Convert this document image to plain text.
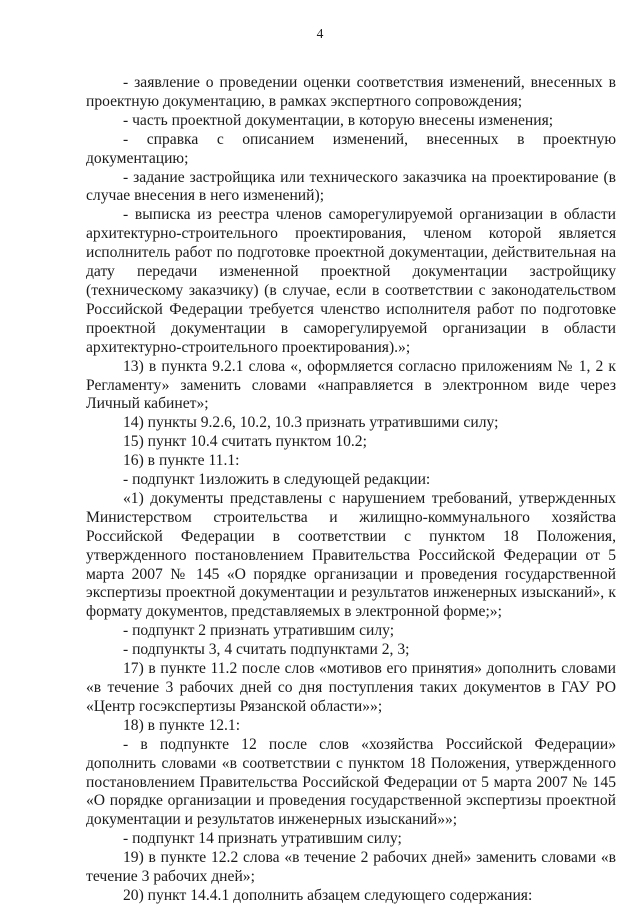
4

- заявление о проведении оценки соответствия изменений, внесенных в проектную документацию, в рамках экспертного сопровождения;

- часть проектной документации, в которую внесены изменения;

- справка с описанием изменений, внесенных в проектную документацию;

- задание застройщика или технического заказчика на проектирование (в случае внесения в него изменений);

- выписка из реестра членов саморегулируемой организации в области архитектурно-строительного проектирования, членом которой является исполнитель работ по подготовке проектной документации, действительная на дату передачи измененной проектной документации застройщику (техническому заказчику) (в случае, если в соответствии с законодательством Российской Федерации требуется членство исполнителя работ по подготовке проектной документации в саморегулируемой организации в области архитектурно-строительного проектирования).»;

13) в пункта 9.2.1 слова «, оформляется согласно приложениям № 1, 2 к Регламенту» заменить словами «направляется в электронном виде через Личный кабинет»;

14) пункты 9.2.6, 10.2, 10.3 признать утратившими силу;

15) пункт 10.4 считать пунктом 10.2;

16) в пункте 11.1:

- подпункт 1изложить в следующей редакции:

«1) документы представлены с нарушением требований, утвержденных Министерством строительства и жилищно-коммунального хозяйства Российской Федерации в соответствии с пунктом 18 Положения, утвержденного постановлением Правительства Российской Федерации от 5 марта 2007 № 145 «О порядке организации и проведения государственной экспертизы проектной документации и результатов инженерных изысканий», к формату документов, представляемых в электронной форме;»;

- подпункт 2 признать утратившим силу;

- подпункты 3, 4 считать подпунктами 2, 3;

17) в пункте 11.2 после слов «мотивов его принятия» дополнить словами «в течение 3 рабочих дней со дня поступления таких документов в ГАУ РО «Центр госэкспертизы Рязанской области»»;

18) в пункте 12.1:

- в подпункте 12 после слов «хозяйства Российской Федерации» дополнить словами «в соответствии с пунктом 18 Положения, утвержденного постановлением Правительства Российской Федерации от 5 марта 2007 № 145 «О порядке организации и проведения государственной экспертизы проектной документации и результатов инженерных изысканий»»;

- подпункт 14 признать утратившим силу;

19) в пункте 12.2 слова «в течение 2 рабочих дней» заменить словами «в течение 3 рабочих дней»;

20) пункт 14.4.1 дополнить абзацем следующего содержания:
